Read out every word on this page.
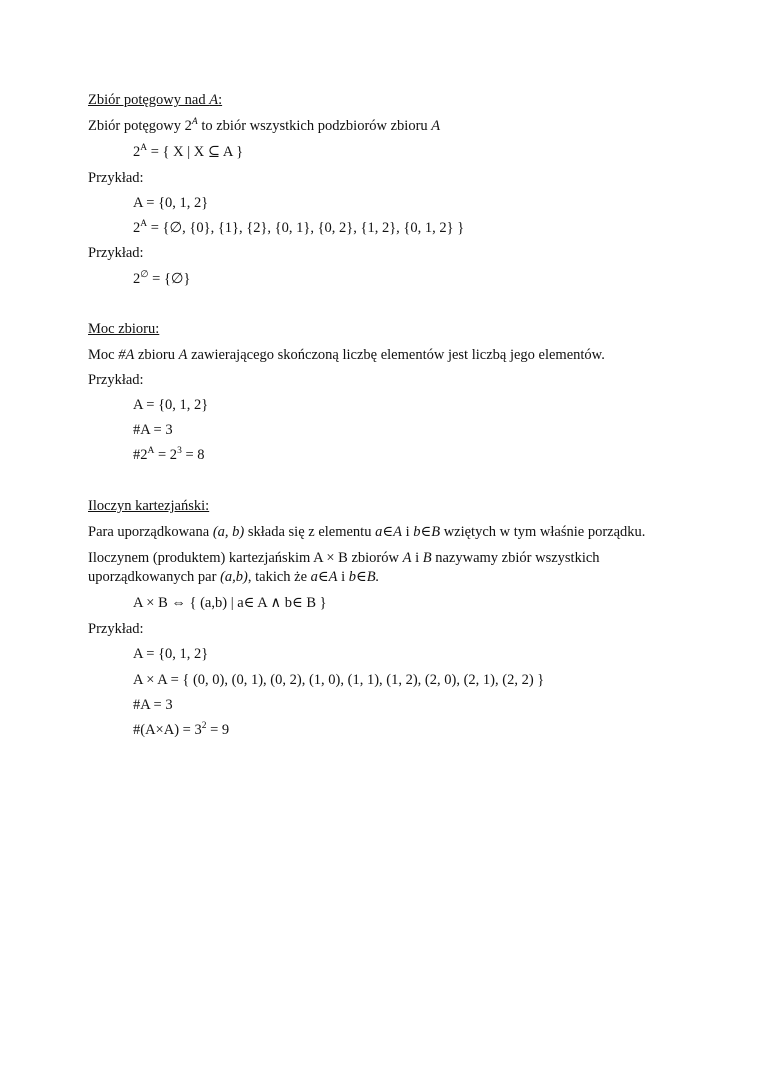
Zbiór potęgowy nad A:
Zbiór potęgowy $2^A$ to zbiór wszystkich podzbiorów zbioru A
$2^A$ = { X | X ⊆ A }
Przykład:
A = {0, 1, 2}
$2^A$ = {∅, {0}, {1}, {2}, {0, 1}, {0, 2}, {1, 2}, {0, 1, 2} }
Przykład:
2∅ = {∅}
Moc zbioru:
Moc #A zbioru A zawierającego skończoną liczbę elementów jest liczbą jego elementów.
Przykład:
A = {0, 1, 2}
#A = 3
$\#2^A = 2^3 = 8$
Iloczyn kartezjański:
Para uporządkowana (a, b) składa się z elementu a∈A i b∈B wziętych w tym właśnie porządku.
Iloczynem (produktem) kartezjańskim A × B zbiorów A i B nazywamy zbiór wszystkich
uporządkowanych par (a,b), takich że a∈A i b∈B.
A × B ⇔ { (a,b) | a∈ A ∧ b∈ B }
Przykład:
A = {0, 1, 2}
A × A = { (0, 0), (0, 1), (0, 2), (1, 0), (1, 1), (1, 2), (2, 0), (2, 1), (2, 2) }
#A = 3
#(A×A) = $3^2 = 9$
